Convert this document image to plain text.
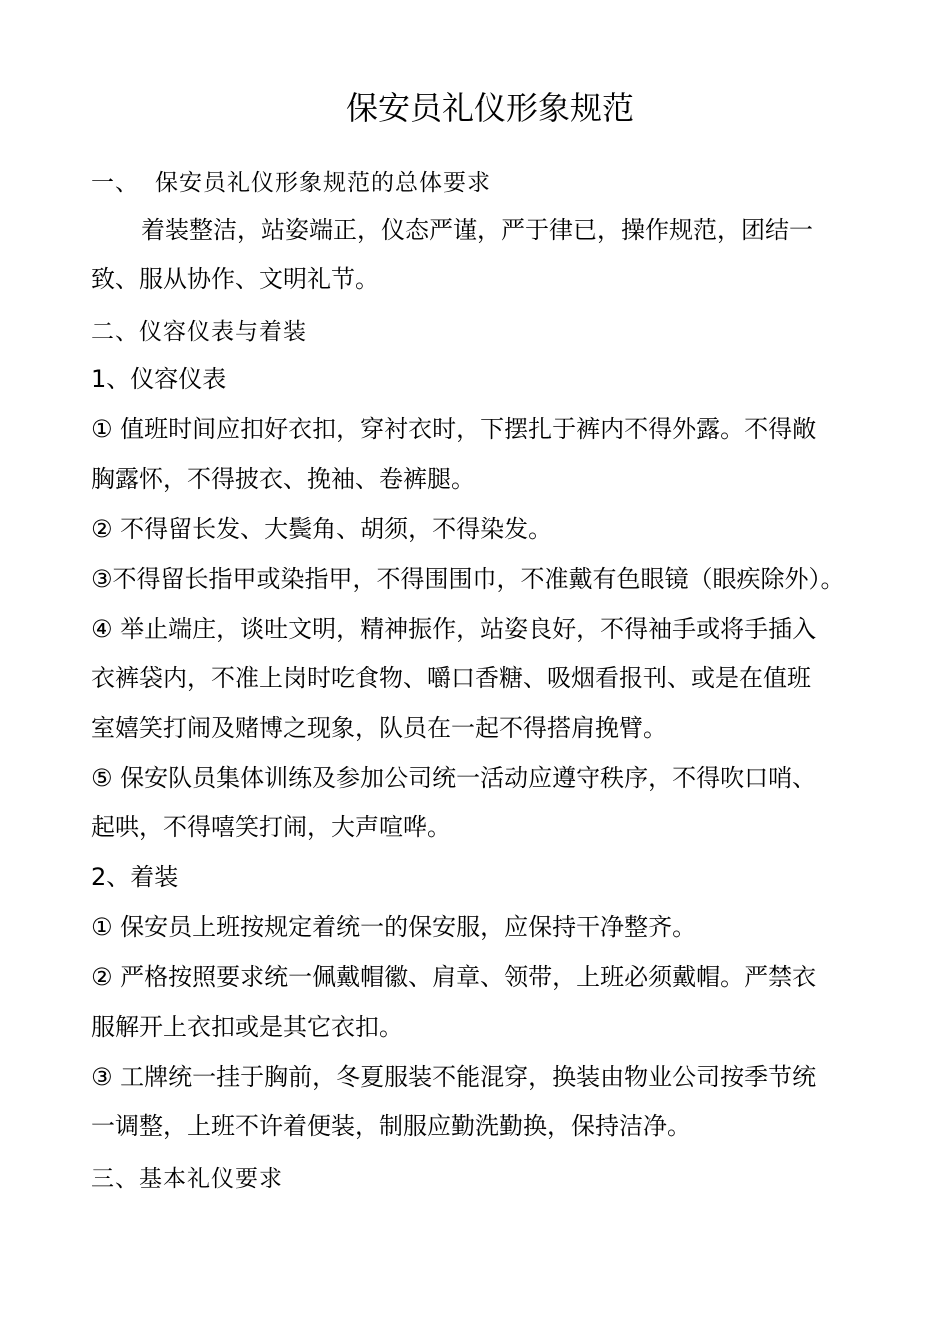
保安员礼仪形象规范
一、 保安员礼仪形象规范的总体要求
着装整洁，站姿端正，仪态严谨，严于律已，操作规范，团结一
致、服从协作、文明礼节。
二、仪容仪表与着装
1、仪容仪表
① 值班时间应扣好衣扣，穿衬衣时，下摆扎于裤内不得外露。不得敞
胸露怀，不得披衣、挽袖、卷裤腿。
② 不得留长发、大鬓角、胡须，不得染发。
③不得留长指甲或染指甲，不得围围巾，不准戴有色眼镜（眼疾除外）。
④ 举止端庄，谈吐文明，精神振作，站姿良好，不得袖手或将手插入
衣裤袋内，不准上岗时吃食物、嚼口香糖、吸烟看报刊、或是在值班
室嬉笑打闹及赌博之现象，队员在一起不得搭肩挽臂。
⑤ 保安队员集体训练及参加公司统一活动应遵守秩序，不得吹口哨、
起哄，不得嘻笑打闹，大声喧哗。
2、着装
① 保安员上班按规定着统一的保安服，应保持干净整齐。
② 严格按照要求统一佩戴帽徽、肩章、领带，上班必须戴帽。严禁衣
服解开上衣扣或是其它衣扣。
③ 工牌统一挂于胸前，冬夏服装不能混穿，换装由物业公司按季节统
一调整，上班不许着便装，制服应勤洗勤换，保持洁净。
三、基本礼仪要求
